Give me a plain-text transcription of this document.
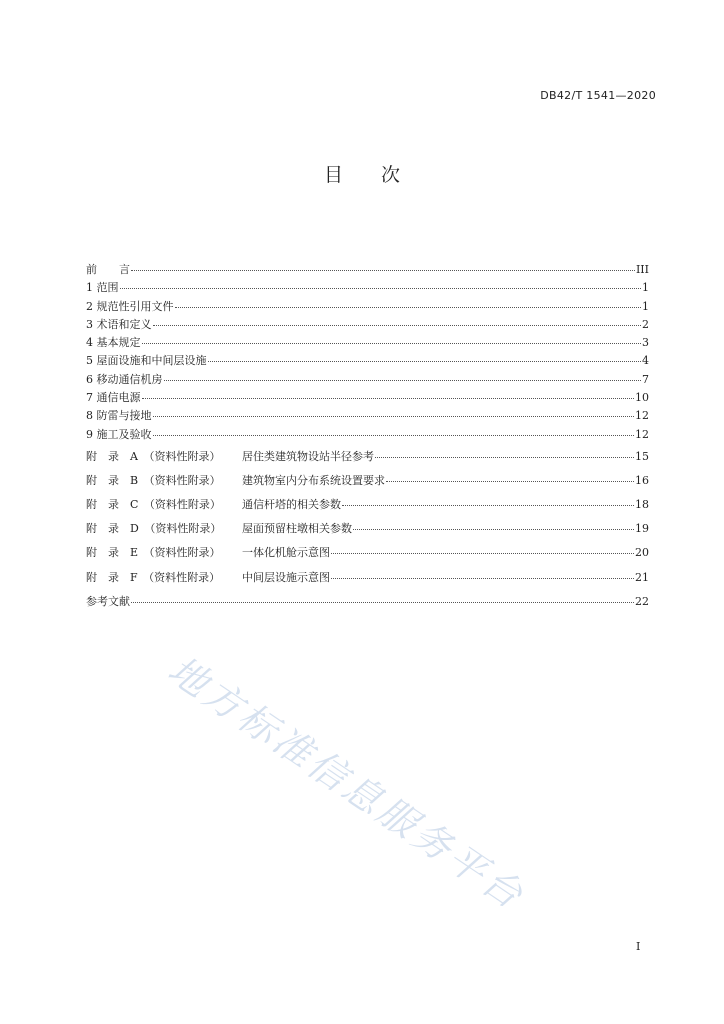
DB42/T 1541—2020
目 次
前　　言	III
1 范围	1
2 规范性引用文件	1
3 术语和定义	2
4 基本规定	3
5 屋面设施和中间层设施	4
6 移动通信机房	7
7 通信电源	10
8 防雷与接地	12
9 施工及验收	12
附　录　A　（资料性附录） 居住类建筑物设站半径参考	15
附　录　B　（资料性附录） 建筑物室内分布系统设置要求	16
附　录　C　（资料性附录） 通信杆塔的相关参数	18
附　录　D　（资料性附录） 屋面预留柱墩相关参数	19
附　录　E　（资料性附录） 一体化机舱示意图	20
附　录　F　（资料性附录） 中间层设施示意图	21
参考文献	22
地方标准信息服务平台
I
